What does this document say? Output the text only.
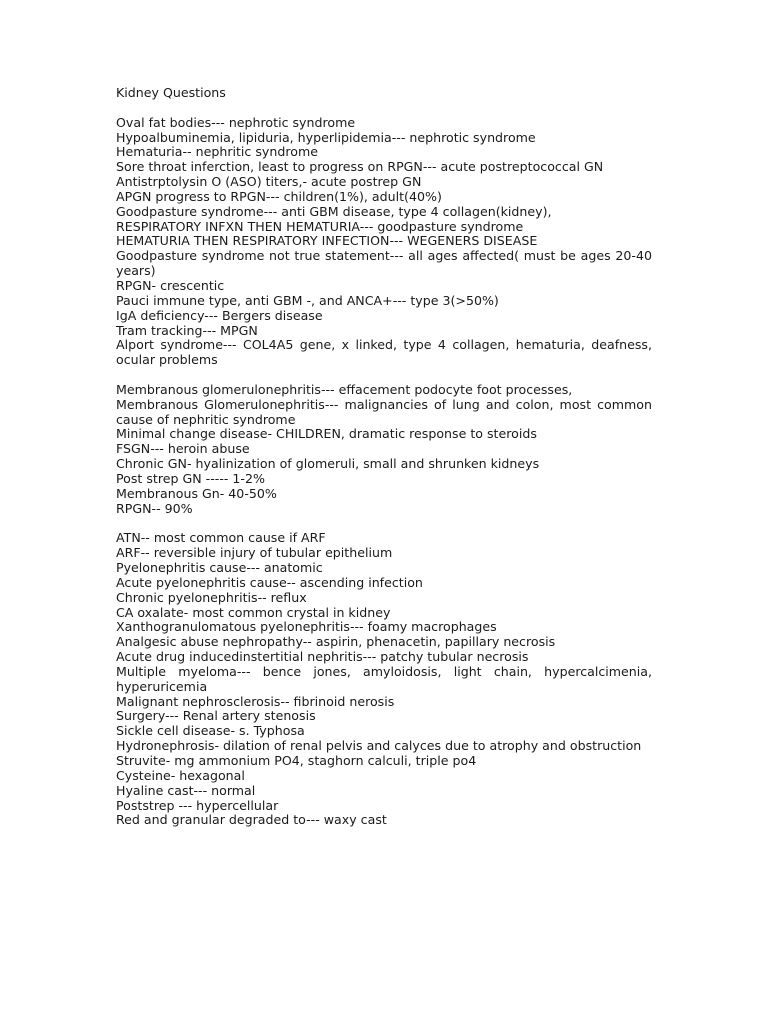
Kidney Questions

Oval fat bodies--- nephrotic syndrome

Hypoalbuminemia, lipiduria, hyperlipidemia--- nephrotic syndrome

Hematuria-- nephritic syndrome

Sore throat inferction, least to progress on RPGN--- acute postreptococcal GN

Antistrptolysin O (ASO) titers,- acute postrep GN

APGN progress to RPGN--- children(1%), adult(40%)

Goodpasture syndrome--- anti GBM disease, type 4 collagen(kidney),

RESPIRATORY INFXN THEN HEMATURIA--- goodpasture syndrome

HEMATURIA THEN RESPIRATORY INFECTION--- WEGENERS DISEASE

Goodpasture syndrome not true statement--- all ages affected( must be ages 20-40 years)

RPGN- crescentic

Pauci immune type, anti GBM -, and ANCA+--- type 3(>50%)

IgA deficiency--- Bergers disease

Tram tracking--- MPGN

Alport syndrome--- COL4A5 gene, x linked, type 4 collagen, hematuria, deafness, ocular problems

Membranous glomerulonephritis--- effacement podocyte foot processes,

Membranous Glomerulonephritis--- malignancies of lung and colon, most common cause of nephritic syndrome

Minimal change disease- CHILDREN, dramatic response to steroids

FSGN--- heroin abuse

Chronic GN- hyalinization of glomeruli, small and shrunken kidneys

Post strep GN ----- 1-2%

Membranous Gn- 40-50%

RPGN-- 90%

ATN-- most common cause if ARF

ARF-- reversible injury of tubular epithelium

Pyelonephritis cause--- anatomic

Acute pyelonephritis cause-- ascending infection

Chronic pyelonephritis-- reflux

CA oxalate- most common crystal in kidney

Xanthogranulomatous pyelonephritis--- foamy macrophages

Analgesic abuse nephropathy-- aspirin, phenacetin, papillary necrosis

Acute drug inducedinstertitial nephritis--- patchy tubular necrosis

Multiple myeloma--- bence jones, amyloidosis, light chain, hypercalcimenia, hyperuricemia

Malignant nephrosclerosis-- fibrinoid nerosis

Surgery--- Renal artery stenosis

Sickle cell disease- s. Typhosa

Hydronephrosis- dilation of renal pelvis and calyces due to atrophy and obstruction

Struvite- mg ammonium PO4, staghorn calculi, triple po4

Cysteine- hexagonal

Hyaline cast--- normal

Poststrep --- hypercellular

Red and granular degraded to--- waxy cast
